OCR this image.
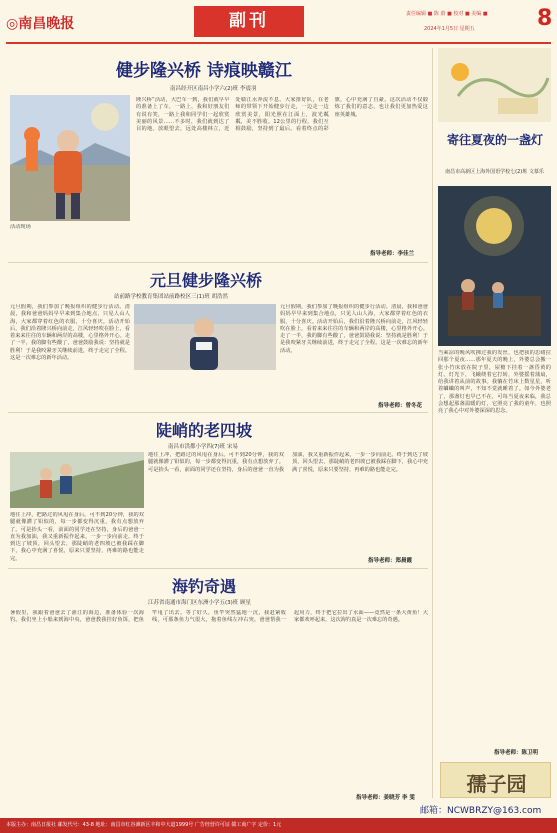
◎南昌晚报	副刊	责任编辑 ■ 陈 蔚 ■ 校对 ■ 美编 ■
2024年1月5日 星期五	8
健步隆兴桥 诗痕映赣江
南昌经开区南昌小学六(2)班 李震羽
活动现场
隆兴桥“活动，大巴车一到，我们就早早的准备上了车，一路上，我和好朋友们有说有笑，一路上我和同学们一起欣赏美丽的风景……不多时，我们就到达了目的地。放眼望去，远处高楼林立，近处赣江水奔流不息。大家排好队，在老师的带领下开始健步行走，一边走一边欣赏美景，阳光照在江面上，波光粼粼，美不胜收。12公里的行程，我们互相鼓励，坚持到了最后。看着终点的彩旗，心中充满了自豪。这次活动不仅锻炼了我们的意志，也让我们更加热爱这座英雄城。
指导老师：李佳兰
元旦健步隆兴桥
站前路学校教育集团站前路校区三(1)班 胡浩然
元旦假期，我们参加了晚报组织的健步行活动。清晨，我和爸爸妈妈早早来到集合地点，只见人山人海，大家都穿着红色的衣服，十分喜庆。活动开始后，我们沿着隆兴桥向前走，江风轻轻吹在脸上，看着来来往往的车辆和两岸的高楼，心里格外开心。走了一半，我的脚有些酸了，爸爸鼓励我说：坚持就是胜利！于是我咬紧牙关继续前进，终于走完了全程。这是一次难忘的新年活动。
元旦假期，我们参加了晚报组织的健步行活动。清晨，我和爸爸妈妈早早来到集合地点，只见人山人海，大家都穿着红色的衣服，十分喜庆。活动开始后，我们沿着隆兴桥向前走，江风轻轻吹在脸上，看着来来往往的车辆和两岸的高楼，心里格外开心。走了一半，我的脚有些酸了，爸爸鼓励我说：坚持就是胜利！于是我咬紧牙关继续前进，终于走完了全程。这是一次难忘的新年活动。
指导老师：曾冬花
陡峭的老四坡
南昌市洪都小学四(7)班 宋易
地往上冲，把路过的风甩在身后。可不到20分钟，我的双腿就像灌了铅似的，每一步都变得沉重，我有点想放弃了。可是抬头一看，前面的同学还在坚持，身后的爸爸一直为我加油，我又重新振作起来，一步一步向前走。终于到达了坡顶，回头望去，那陡峭的老四坡已被我踩在脚下，我心中充满了喜悦，原来只要坚持，再难的路也能走完。
地往上冲，把路过的风甩在身后。可不到20分钟，我的双腿就像灌了铅似的，每一步都变得沉重，我有点想放弃了。可是抬头一看，前面的同学还在坚持，身后的爸爸一直为我加油，我又重新振作起来，一步一步向前走。终于到达了坡顶，回头望去，那陡峭的老四坡已被我踩在脚下，我心中充满了喜悦，原来只要坚持，再难的路也能走完。
指导老师：郑晨霞
海钓奇遇
江苏省南通市海门区东洲小学五(3)班 顾星
暑假里，我跟着爸爸去了浙江的海边，准备体验一次海钓。我们坐上小船来到海中央，爸爸教我挂好鱼饵，把鱼竿甩了出去。等了好久，鱼竿突然猛地一沉，我赶紧收线，可那条鱼力气很大，拖着鱼线左冲右突。爸爸帮我一起用力，终于把它拉出了水面——竟然是一条大黄鱼！大家都欢呼起来，这次海钓真是一次难忘的奇遇。
指导老师：姜晓芳 李 雯
寄往夏夜的一盏灯
南昌市高新区上海外国语学校七(2)班 文慕乐
当乘凉的晚风吹拂过我的发丝，也把我的思绪拉回那个夏夜……那年夏天的晚上，外婆总会搬一张小竹床放在院子里，屋檐下挂着一盏昏黄的灯。灯光下，飞蛾绕着它打转，外婆摇着蒲扇，给我讲着从前的故事。我躺在竹床上数星星，听着蛐蛐的叫声，不知不觉就睡着了。如今外婆老了，那盏灯也早已不在，可每当夏夜来临，我总会想起那盏温暖的灯，它照亮了我的童年，也照亮了我心中对外婆深深的思念。
指导老师：陈卫明
孺子园
邮箱：NCWBRZY@163.com
本版主办：南昌日报社 邮发代号：43-8 地址：南昌市红谷滩新区丰和中大道1999号 广告经营许可证 赣工商广字 定价：1元
